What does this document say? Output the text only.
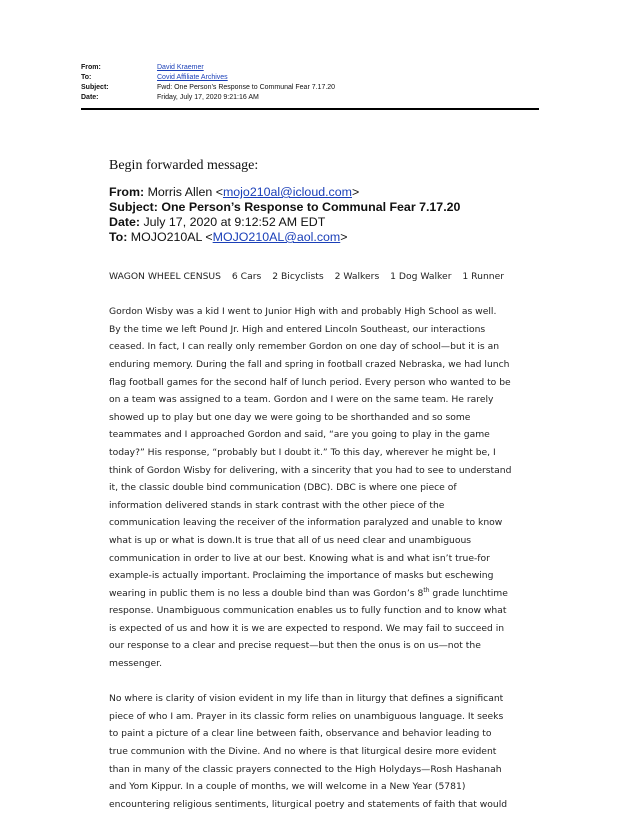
From:	David Kraemer
To:	Covid Affiliate Archives
Subject:	Fwd: One Person’s Response to Communal Fear 7.17.20
Date:	Friday, July 17, 2020 9:21:16 AM
Begin forwarded message:
From: Morris Allen <mojo210al@icloud.com>
Subject: One Person’s Response to Communal Fear 7.17.20
Date: July 17, 2020 at 9:12:52 AM EDT
To: MOJO210AL <MOJO210AL@aol.com>
WAGON WHEEL CENSUS 6 Cars 2 Bicyclists 2 Walkers 1 Dog Walker 1 Runner
Gordon Wisby was a kid I went to Junior High with and probably High School as well.
By the time we left Pound Jr. High and entered Lincoln Southeast, our interactions
ceased. In fact, I can really only remember Gordon on one day of school—but it is an
enduring memory. During the fall and spring in football crazed Nebraska, we had lunch
flag football games for the second half of lunch period. Every person who wanted to be
on a team was assigned to a team. Gordon and I were on the same team. He rarely
showed up to play but one day we were going to be shorthanded and so some
teammates and I approached Gordon and said, “are you going to play in the game
today?” His response, “probably but I doubt it.” To this day, wherever he might be, I
think of Gordon Wisby for delivering, with a sincerity that you had to see to understand
it, the classic double bind communication (DBC). DBC is where one piece of
information delivered stands in stark contrast with the other piece of the
communication leaving the receiver of the information paralyzed and unable to know
what is up or what is down.It is true that all of us need clear and unambiguous
communication in order to live at our best. Knowing what is and what isn’t true-for
example-is actually important. Proclaiming the importance of masks but eschewing
wearing in public them is no less a double bind than was Gordon’s 8th grade lunchtime
response. Unambiguous communication enables us to fully function and to know what
is expected of us and how it is we are expected to respond. We may fail to succeed in
our response to a clear and precise request—but then the onus is on us—not the
messenger.
No where is clarity of vision evident in my life than in liturgy that defines a significant
piece of who I am. Prayer in its classic form relies on unambiguous language. It seeks
to paint a picture of a clear line between faith, observance and behavior leading to
true communion with the Divine. And no where is that liturgical desire more evident
than in many of the classic prayers connected to the High Holydays—Rosh Hashanah
and Yom Kippur. In a couple of months, we will welcome in a New Year (5781)
encountering religious sentiments, liturgical poetry and statements of faith that would
